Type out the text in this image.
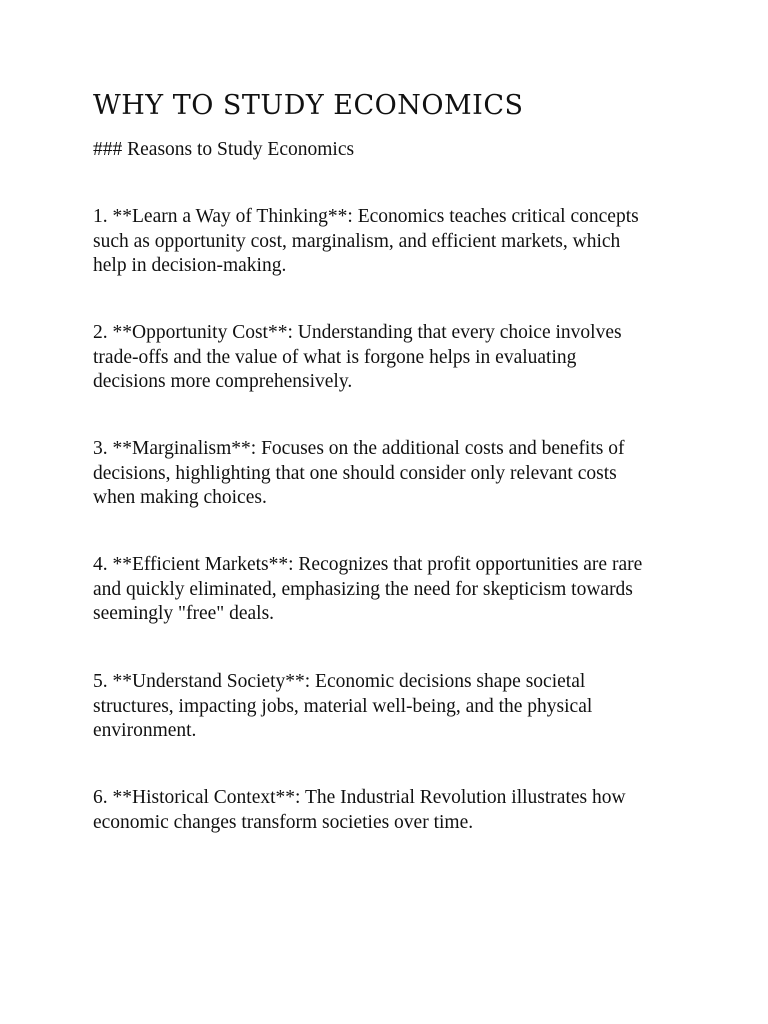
WHY TO STUDY ECONOMICS

### Reasons to Study Economics

1. **Learn a Way of Thinking**: Economics teaches critical concepts
such as opportunity cost, marginalism, and efficient markets, which
help in decision-making.

2. **Opportunity Cost**: Understanding that every choice involves
trade-offs and the value of what is forgone helps in evaluating
decisions more comprehensively.

3. **Marginalism**: Focuses on the additional costs and benefits of
decisions, highlighting that one should consider only relevant costs
when making choices.

4. **Efficient Markets**: Recognizes that profit opportunities are rare
and quickly eliminated, emphasizing the need for skepticism towards
seemingly "free" deals.

5. **Understand Society**: Economic decisions shape societal
structures, impacting jobs, material well-being, and the physical
environment.

6. **Historical Context**: The Industrial Revolution illustrates how
economic changes transform societies over time.
